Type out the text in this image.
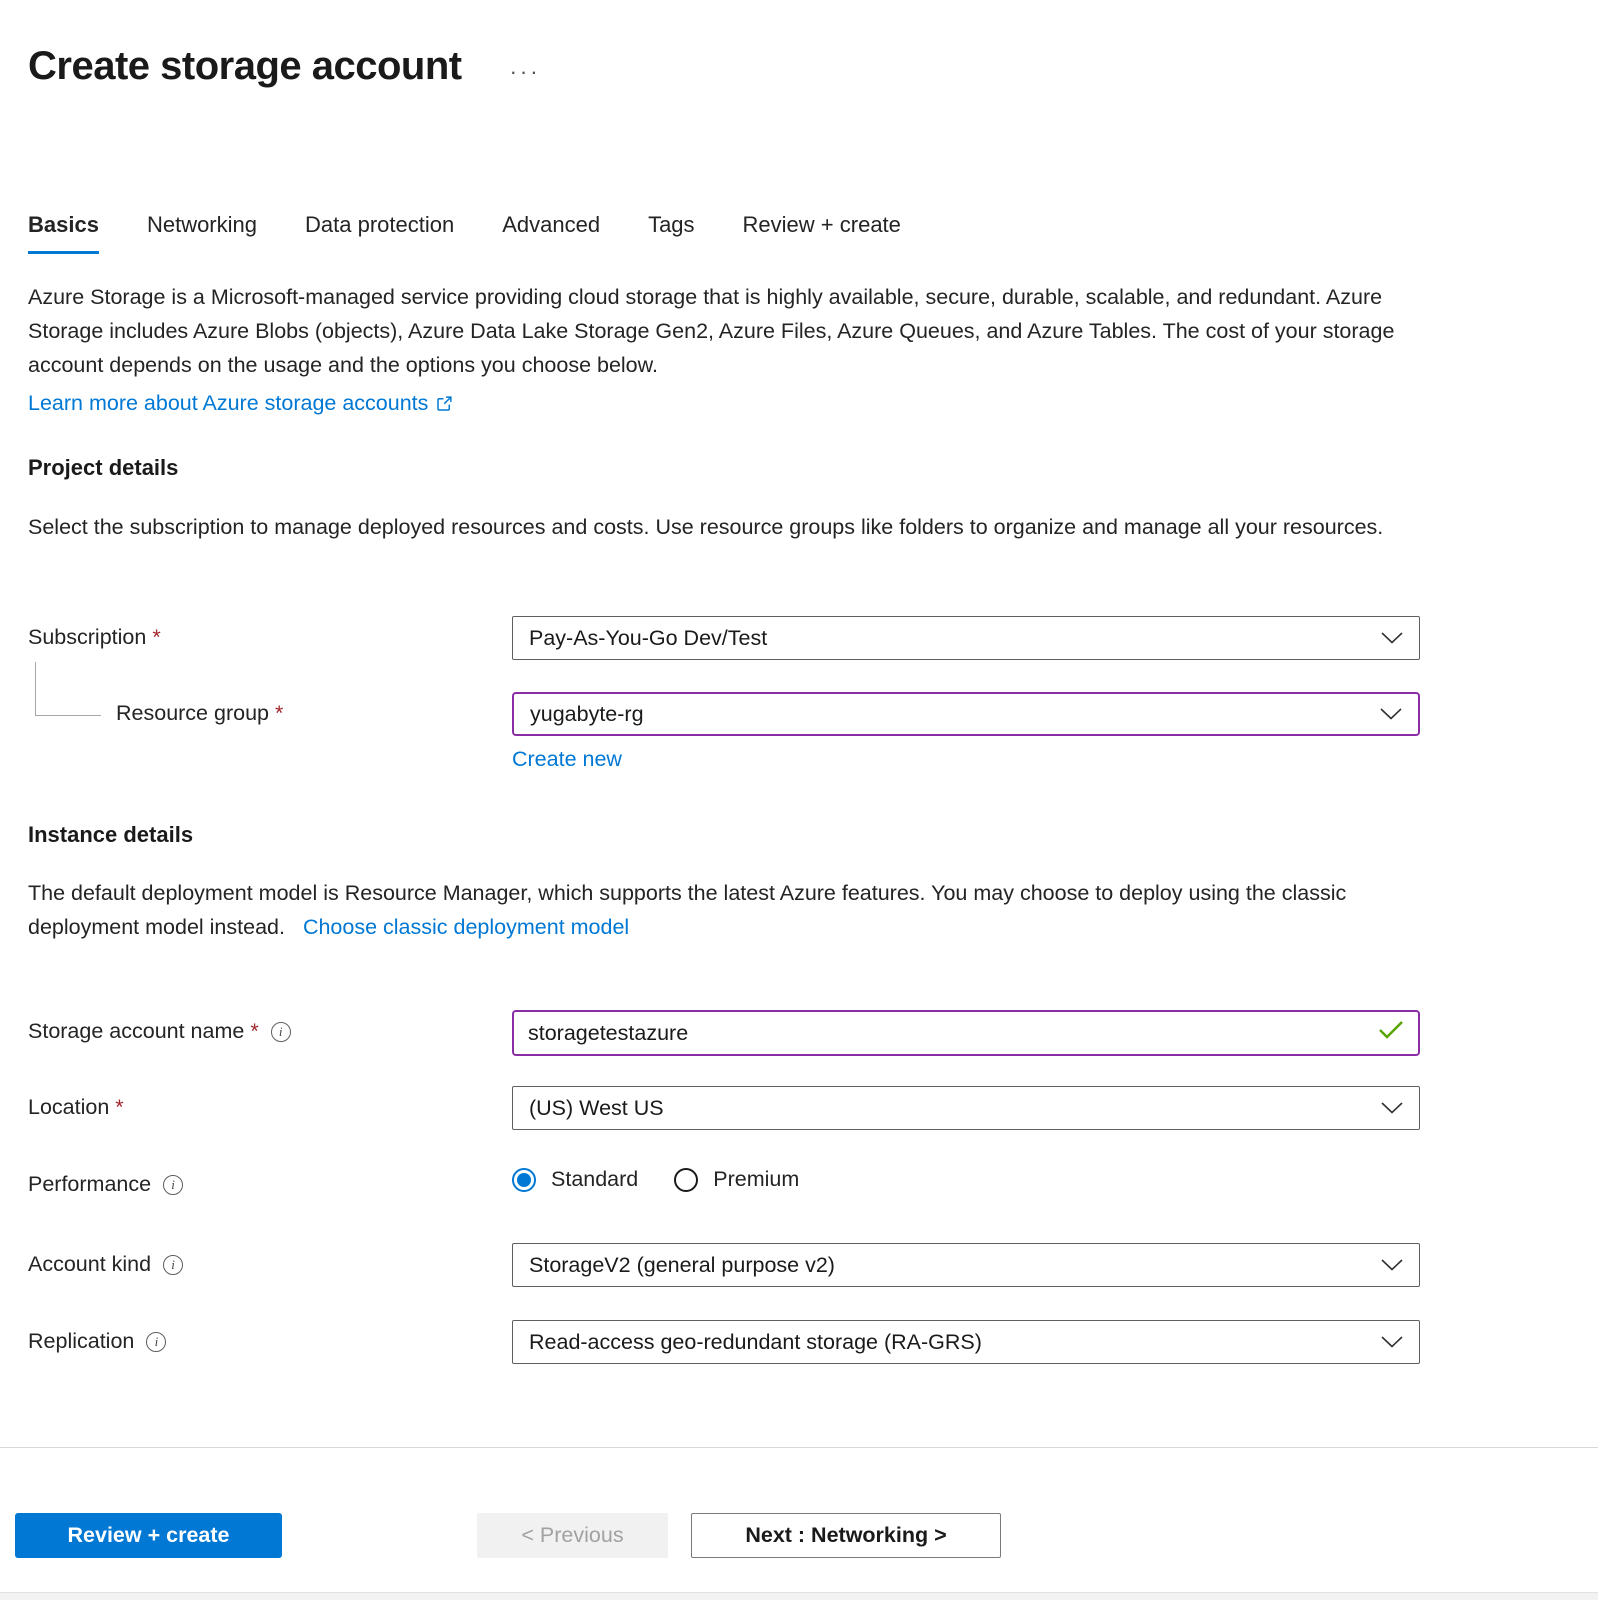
Create storage account ···
Basics Networking Data protection Advanced Tags Review + create
Azure Storage is a Microsoft-managed service providing cloud storage that is highly available, secure, durable, scalable, and redundant. Azure Storage includes Azure Blobs (objects), Azure Data Lake Storage Gen2, Azure Files, Azure Queues, and Azure Tables. The cost of your storage account depends on the usage and the options you choose below.
Learn more about Azure storage accounts
Project details
Select the subscription to manage deployed resources and costs. Use resource groups like folders to organize and manage all your resources.
Subscription *	Pay-As-You-Go Dev/Test
Resource group *	yugabyte-rg
Create new
Instance details
The default deployment model is Resource Manager, which supports the latest Azure features. You may choose to deploy using the classic deployment model instead. Choose classic deployment model
Storage account name *	i	storagetestazure
Location *	(US) West US
Performance	i	Standard	Premium
Account kind	i	StorageV2 (general purpose v2)
Replication	i	Read-access geo-redundant storage (RA-GRS)
Review + create	< Previous	Next : Networking >
